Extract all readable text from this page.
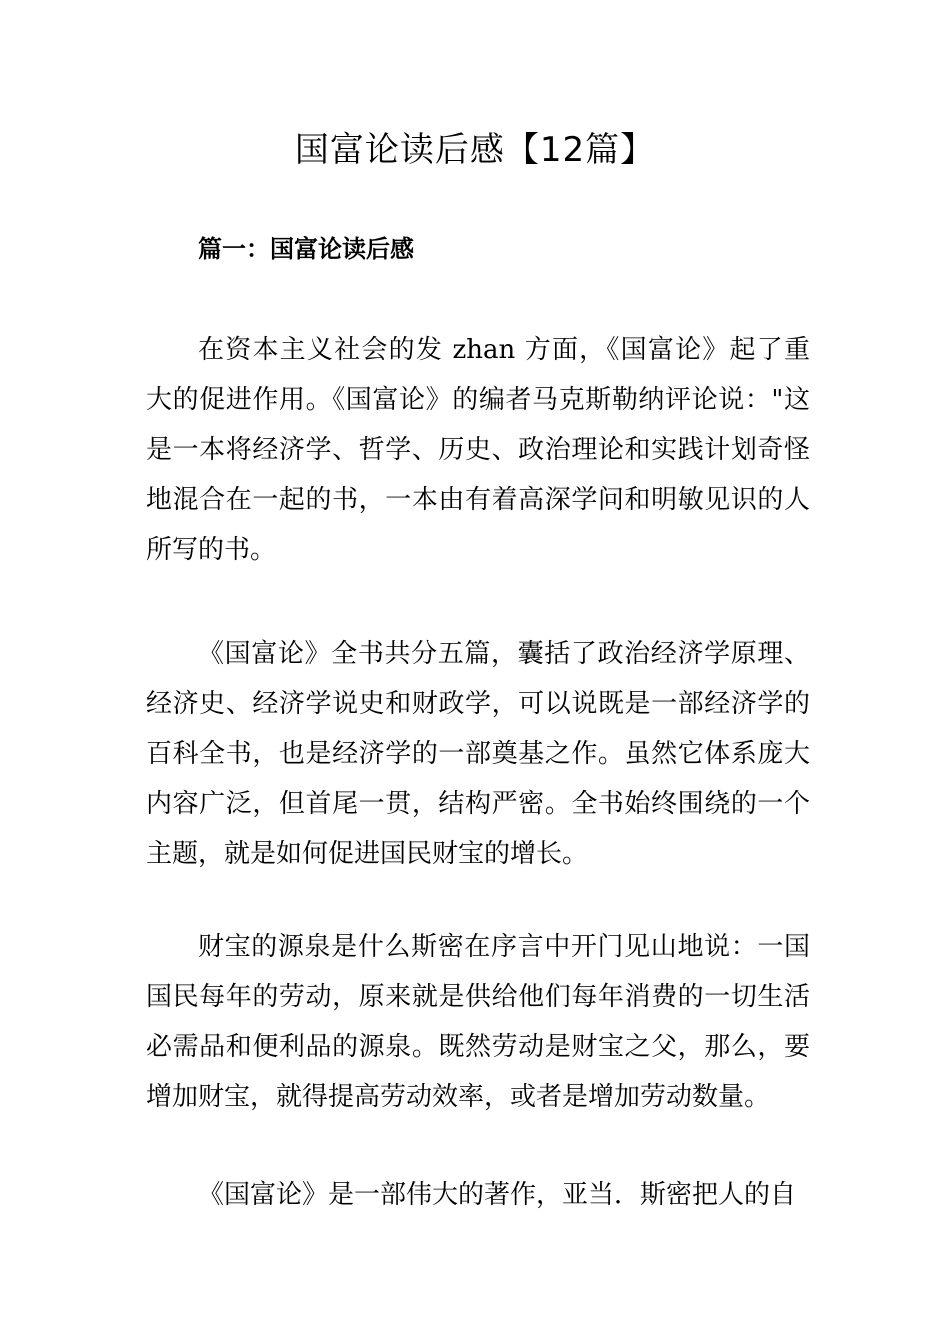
国富论读后感【12篇】
篇一：国富论读后感

在资本主义社会的发 zhan 方面，《国富论》起了重大的促进作用。《国富论》的编者马克斯勒纳评论说："这是一本将经济学、哲学、历史、政治理论和实践计划奇怪地混合在一起的书，一本由有着高深学问和明敏见识的人所写的书。

《国富论》全书共分五篇，囊括了政治经济学原理、经济史、经济学说史和财政学，可以说既是一部经济学的百科全书，也是经济学的一部奠基之作。虽然它体系庞大内容广泛，但首尾一贯，结构严密。全书始终围绕的一个主题，就是如何促进国民财宝的增长。

财宝的源泉是什么斯密在序言中开门见山地说：一国国民每年的劳动，原来就是供给他们每年消费的一切生活必需品和便利品的源泉。既然劳动是财宝之父，那么，要增加财宝，就得提高劳动效率，或者是增加劳动数量。

《国富论》是一部伟大的著作，亚当．斯密把人的自
